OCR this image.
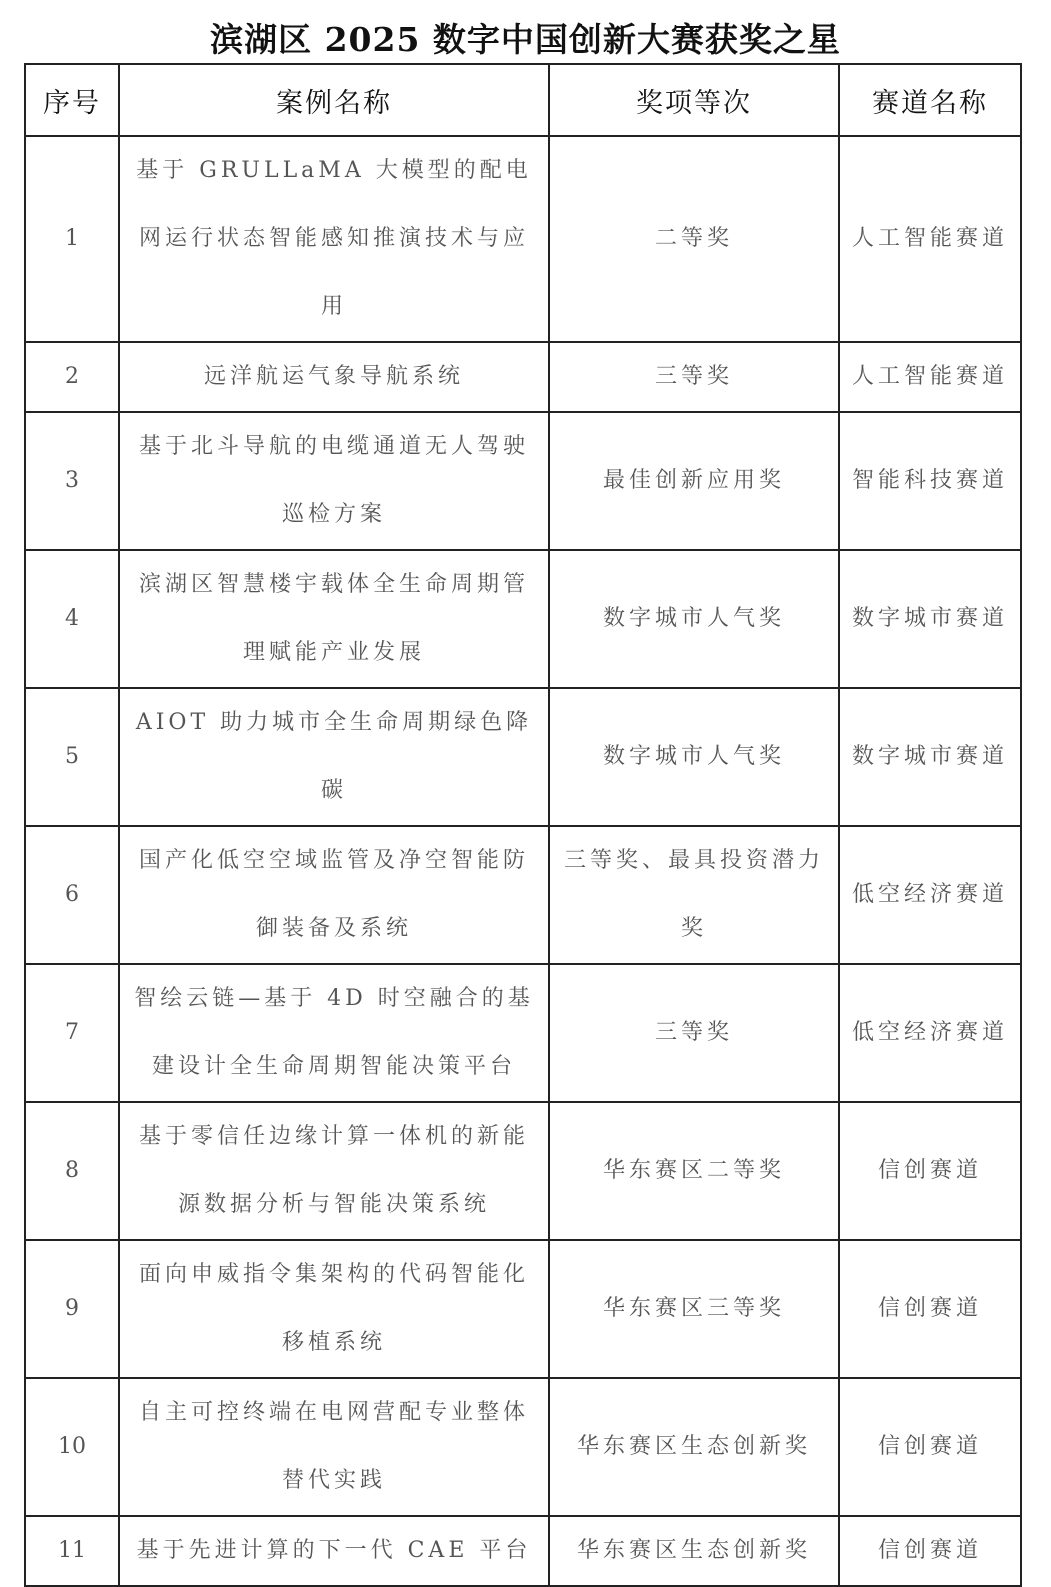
滨湖区 2025 数字中国创新大赛获奖之星
序号	案例名称	奖项等次	赛道名称
1	基于 GRULLaMA 大模型的配电网运行状态智能感知推演技术与应用	二等奖	人工智能赛道
2	远洋航运气象导航系统	三等奖	人工智能赛道
3	基于北斗导航的电缆通道无人驾驶巡检方案	最佳创新应用奖	智能科技赛道
4	滨湖区智慧楼宇载体全生命周期管理赋能产业发展	数字城市人气奖	数字城市赛道
5	AIOT 助力城市全生命周期绿色降碳	数字城市人气奖	数字城市赛道
6	国产化低空空域监管及净空智能防御装备及系统	三等奖、最具投资潜力奖	低空经济赛道
7	智绘云链—基于 4D 时空融合的基建设计全生命周期智能决策平台	三等奖	低空经济赛道
8	基于零信任边缘计算一体机的新能源数据分析与智能决策系统	华东赛区二等奖	信创赛道
9	面向申威指令集架构的代码智能化移植系统	华东赛区三等奖	信创赛道
10	自主可控终端在电网营配专业整体替代实践	华东赛区生态创新奖	信创赛道
11	基于先进计算的下一代 CAE 平台	华东赛区生态创新奖	信创赛道
